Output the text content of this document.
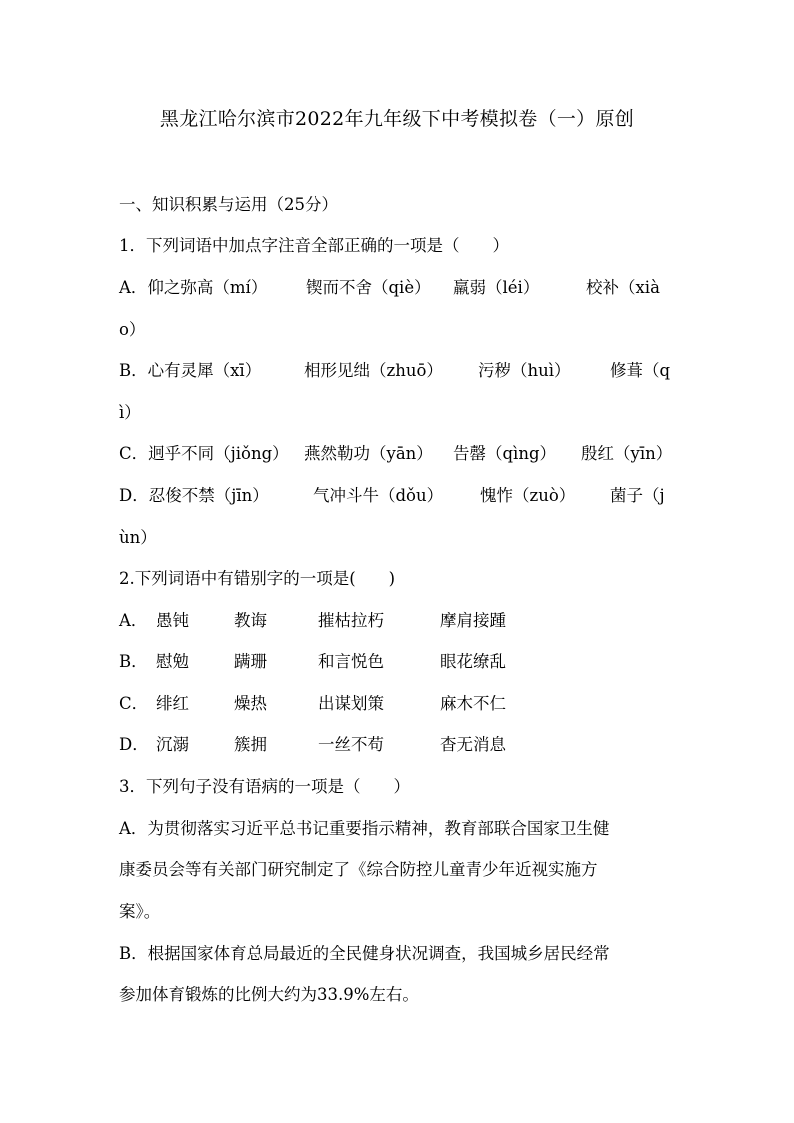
黑龙江哈尔滨市2022年九年级下中考模拟卷（一）原创
一、知识积累与运用（25分）
1．下列词语中加点字注音全部正确的一项是（　　）
A．仰之弥高（mí） 锲而不舍（qiè） 羸弱（léi）	校补（xià
o）
B．心有灵犀（xī）	相形见绌（zhuō） 污秽（huì） 修葺（q
ì）
C．迥乎不同（jiǒng） 燕然勒功（yān） 告罄（qìng） 殷红（yīn）
D．忍俊不禁（jīn）	气冲斗牛（dǒu） 愧怍（zuò） 菌子（j
ùn）
2.下列词语中有错别字的一项是(　　)
A． 愚钝	教诲	摧枯拉朽	摩肩接踵
B． 慰勉	蹒珊	和言悦色	眼花缭乱
C． 绯红	燥热	出谋划策	麻木不仁
D． 沉溺	簇拥	一丝不苟	杳无消息
3．下列句子没有语病的一项是（　　）
A．为贯彻落实习近平总书记重要指示精神，教育部联合国家卫生健
康委员会等有关部门研究制定了《综合防控儿童青少年近视实施方
案》。
B．根据国家体育总局最近的全民健身状况调查，我国城乡居民经常
参加体育锻炼的比例大约为33.9%左右。
